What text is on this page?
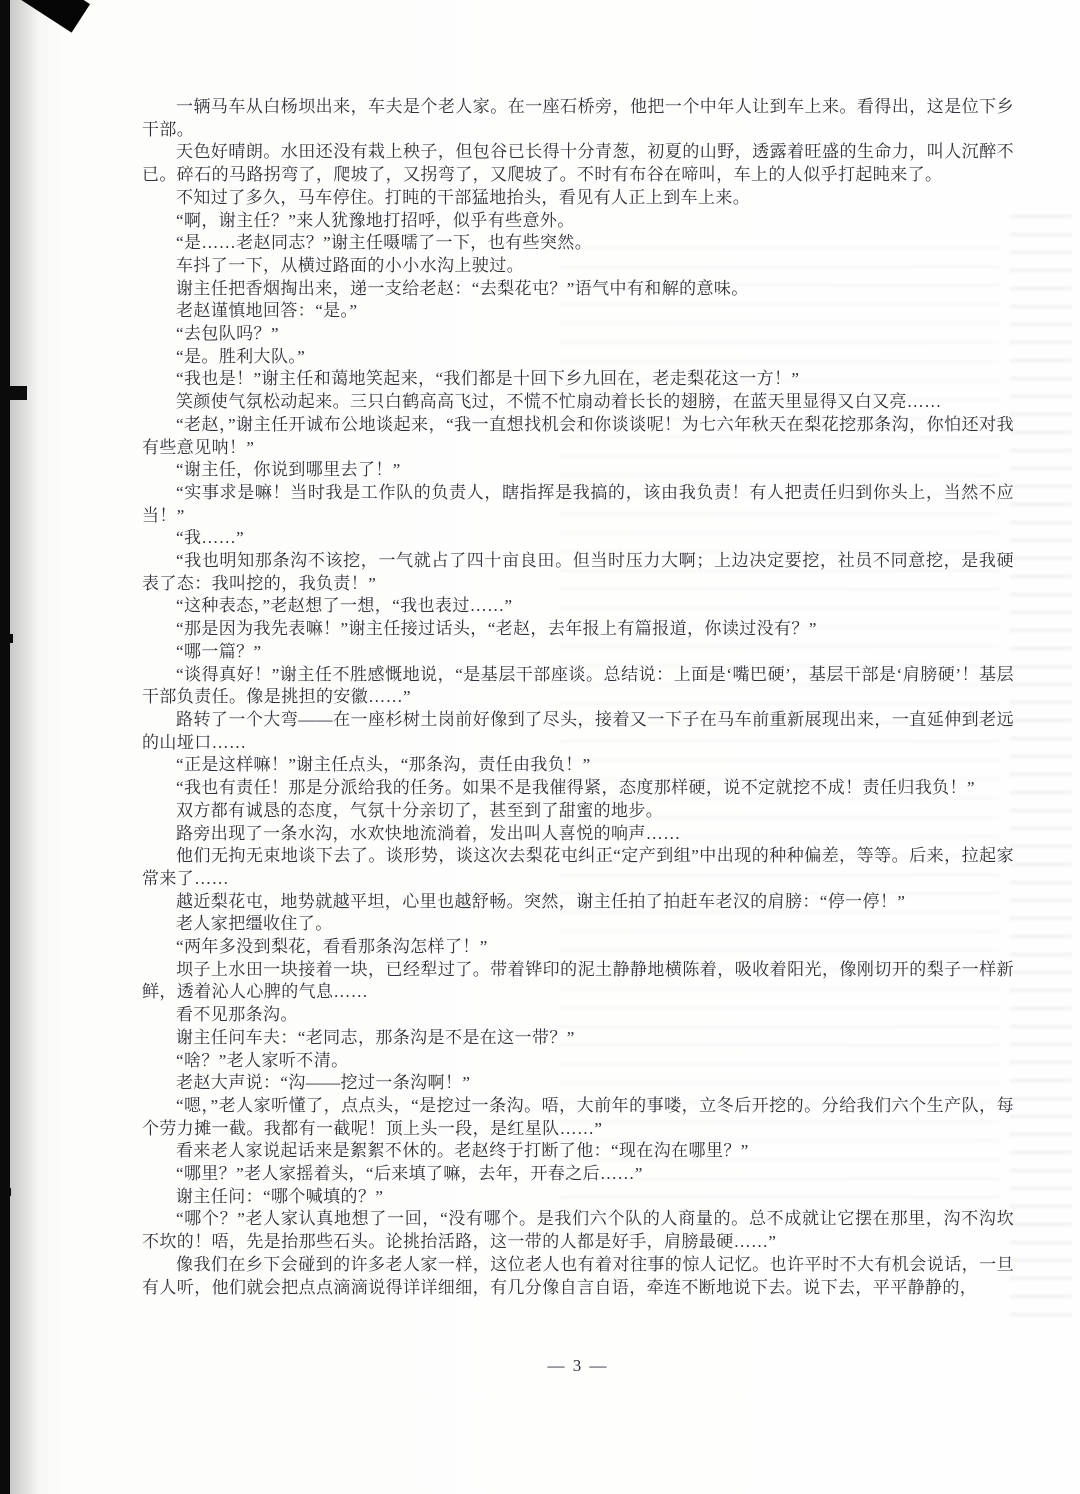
一辆马车从白杨坝出来，车夫是个老人家。在一座石桥旁，他把一个中年人让到车上来。看得出，这是位下乡干部。

天色好晴朗。水田还没有栽上秧子，但包谷已长得十分青葱，初夏的山野，透露着旺盛的生命力，叫人沉醉不已。碎石的马路拐弯了，爬坡了，又拐弯了，又爬坡了。不时有布谷在啼叫，车上的人似乎打起盹来了。

不知过了多久，马车停住。打盹的干部猛地抬头，看见有人正上到车上来。

“啊，谢主任？”来人犹豫地打招呼，似乎有些意外。

“是……老赵同志？”谢主任嗫嚅了一下，也有些突然。

车抖了一下，从横过路面的小小水沟上驶过。

谢主任把香烟掏出来，递一支给老赵：“去梨花屯？”语气中有和解的意味。

老赵谨慎地回答：“是。”

“去包队吗？”

“是。胜利大队。”

“我也是！”谢主任和蔼地笑起来，“我们都是十回下乡九回在，老走梨花这一方！”

笑颜使气氛松动起来。三只白鹤高高飞过，不慌不忙扇动着长长的翅膀，在蓝天里显得又白又亮……

“老赵，”谢主任开诚布公地谈起来，“我一直想找机会和你谈谈呢！为七六年秋天在梨花挖那条沟，你怕还对我有些意见呐！”

“谢主任，你说到哪里去了！”

“实事求是嘛！当时我是工作队的负责人，瞎指挥是我搞的，该由我负责！有人把责任归到你头上，当然不应当！”

“我……”

“我也明知那条沟不该挖，一气就占了四十亩良田。但当时压力大啊；上边决定要挖，社员不同意挖，是我硬表了态：我叫挖的，我负责！”

“这种表态，”老赵想了一想，“我也表过……”

“那是因为我先表嘛！”谢主任接过话头，“老赵，去年报上有篇报道，你读过没有？”

“哪一篇？”

“谈得真好！”谢主任不胜感慨地说，“是基层干部座谈。总结说：上面是‘嘴巴硬’，基层干部是‘肩膀硬’！基层干部负责任。像是挑担的安徽……”

路转了一个大弯——在一座杉树土岗前好像到了尽头，接着又一下子在马车前重新展现出来，一直延伸到老远的山垭口……

“正是这样嘛！”谢主任点头，“那条沟，责任由我负！”

“我也有责任！那是分派给我的任务。如果不是我催得紧，态度那样硬，说不定就挖不成！责任归我负！”

双方都有诚恳的态度，气氛十分亲切了，甚至到了甜蜜的地步。

路旁出现了一条水沟，水欢快地流淌着，发出叫人喜悦的响声……

他们无拘无束地谈下去了。谈形势，谈这次去梨花屯纠正“定产到组”中出现的种种偏差，等等。后来，拉起家常来了……

越近梨花屯，地势就越平坦，心里也越舒畅。突然，谢主任拍了拍赶车老汉的肩膀：“停一停！”

老人家把缰收住了。

“两年多没到梨花，看看那条沟怎样了！”

坝子上水田一块接着一块，已经犁过了。带着铧印的泥土静静地横陈着，吸收着阳光，像刚切开的梨子一样新鲜，透着沁人心脾的气息……

看不见那条沟。

谢主任问车夫：“老同志，那条沟是不是在这一带？”

“啥？”老人家听不清。

老赵大声说：“沟——挖过一条沟啊！”

“嗯，”老人家听懂了，点点头，“是挖过一条沟。唔，大前年的事喽，立冬后开挖的。分给我们六个生产队，每个劳力摊一截。我都有一截呢！顶上头一段，是红星队……”

看来老人家说起话来是絮絮不休的。老赵终于打断了他：“现在沟在哪里？”

“哪里？”老人家摇着头，“后来填了嘛，去年，开春之后……”

谢主任问：“哪个喊填的？”

“哪个？”老人家认真地想了一回，“没有哪个。是我们六个队的人商量的。总不成就让它摆在那里，沟不沟坎不坎的！唔，先是抬那些石头。论挑抬活路，这一带的人都是好手，肩膀最硬……”

像我们在乡下会碰到的许多老人家一样，这位老人也有着对往事的惊人记忆。也许平时不大有机会说话，一旦有人听，他们就会把点点滴滴说得详详细细，有几分像自言自语，牵连不断地说下去。说下去，平平静静的，

— 3 —
